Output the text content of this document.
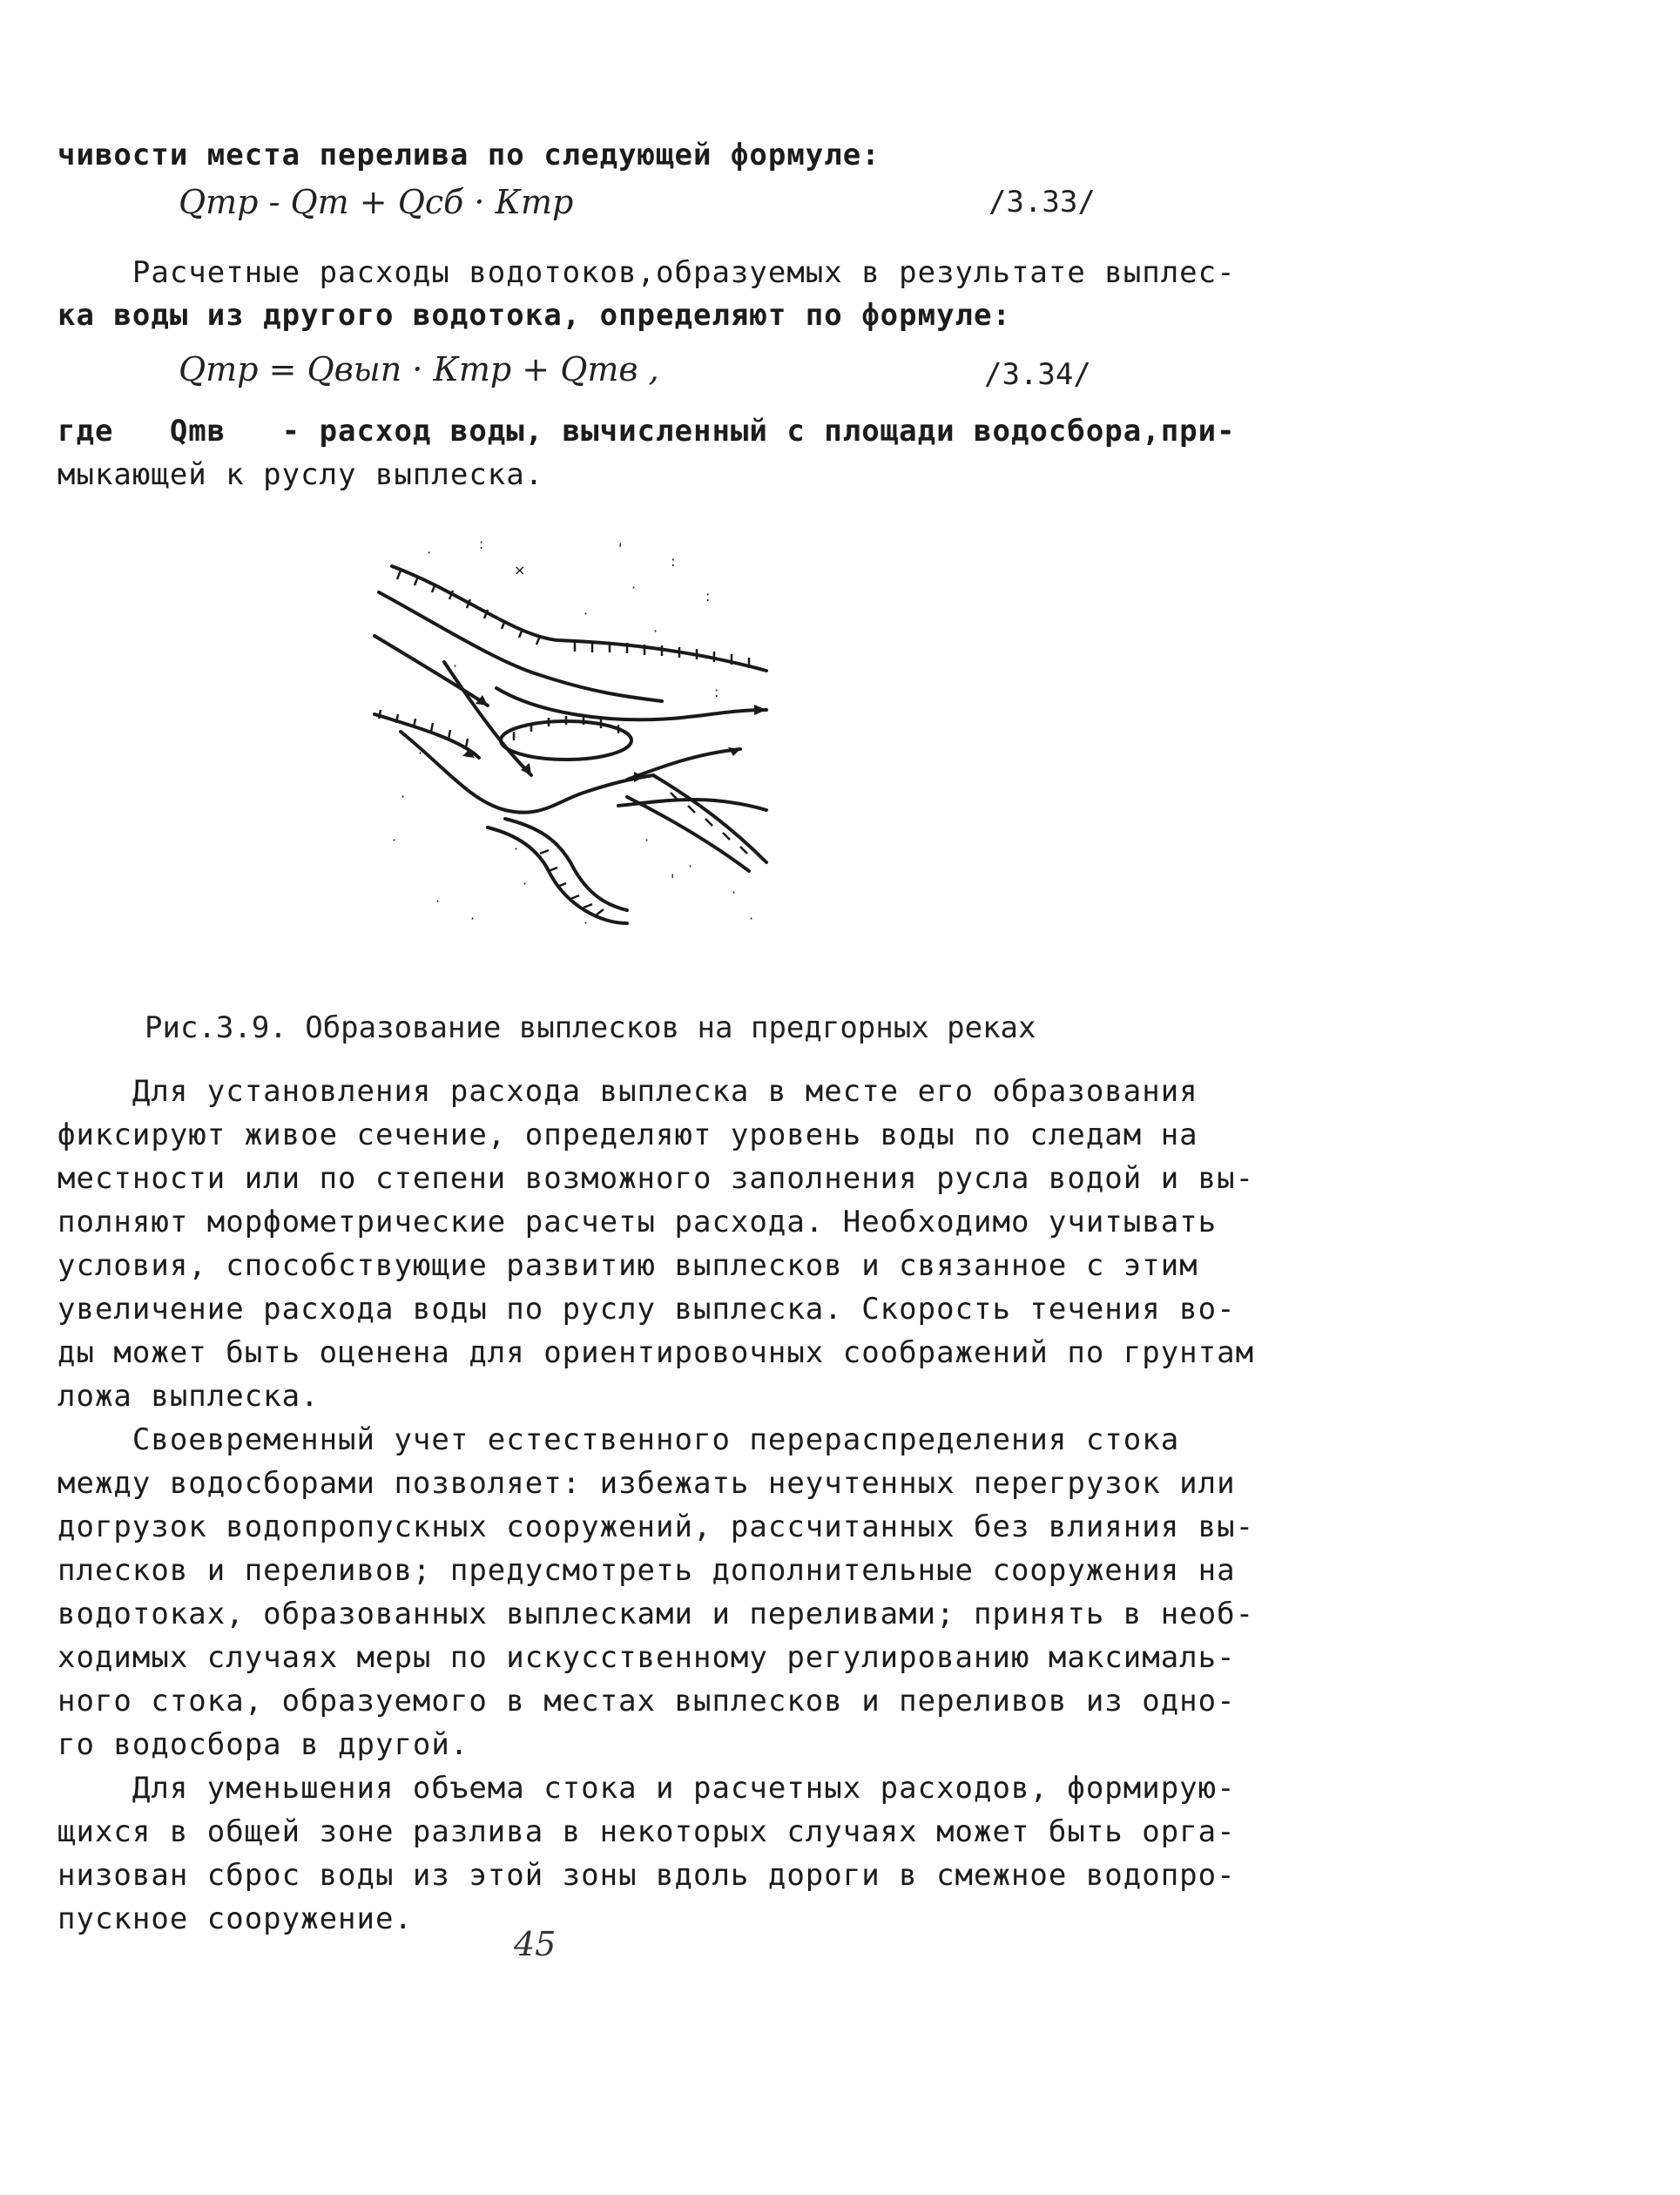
чивости места перелива по следующей формуле:
Qmр - Qm + Qcб · Ктр	/3.33/
Расчетные расходы водотоков,образуемых в результате выплес-
ка воды из другого водотока, определяют по формуле:
Qmр = Qвып · Ктр + Qmв ,	/3.34/
где   Qmв   - расход воды, вычисленный с площади водосбора,при-
мыкающей к руслу выплеска.
·
:
×
'
:
·
·
:
·
·
·
·
·
·
·
·
·
·
·
·
·
·
:
'
Рис.3.9. Образование выплесков на предгорных реках
Для установления расхода выплеска в месте его образования
фиксируют живое сечение, определяют уровень воды по следам на
местности или по степени возможного заполнения русла водой и вы-
полняют морфометрические расчеты расхода. Необходимо учитывать
условия, способствующие развитию выплесков и связанное с этим
увеличение расхода воды по руслу выплеска. Скорость течения во-
ды может быть оценена для ориентировочных соображений по грунтам
ложа выплеска.
Своевременный учет естественного перераспределения стока
между водосборами позволяет: избежать неучтенных перегрузок или
догрузок водопропускных сооружений, рассчитанных без влияния вы-
плесков и переливов; предусмотреть дополнительные сооружения на
водотоках, образованных выплесками и переливами; принять в необ-
ходимых случаях меры по искусственному регулированию максималь-
ного стока, образуемого в местах выплесков и переливов из одно-
го водосбора в другой.
Для уменьшения объема стока и расчетных расходов, формирую-
щихся в общей зоне разлива в некоторых случаях может быть орга-
низован сброс воды из этой зоны вдоль дороги в смежное водопро-
пускное сооружение.
45
